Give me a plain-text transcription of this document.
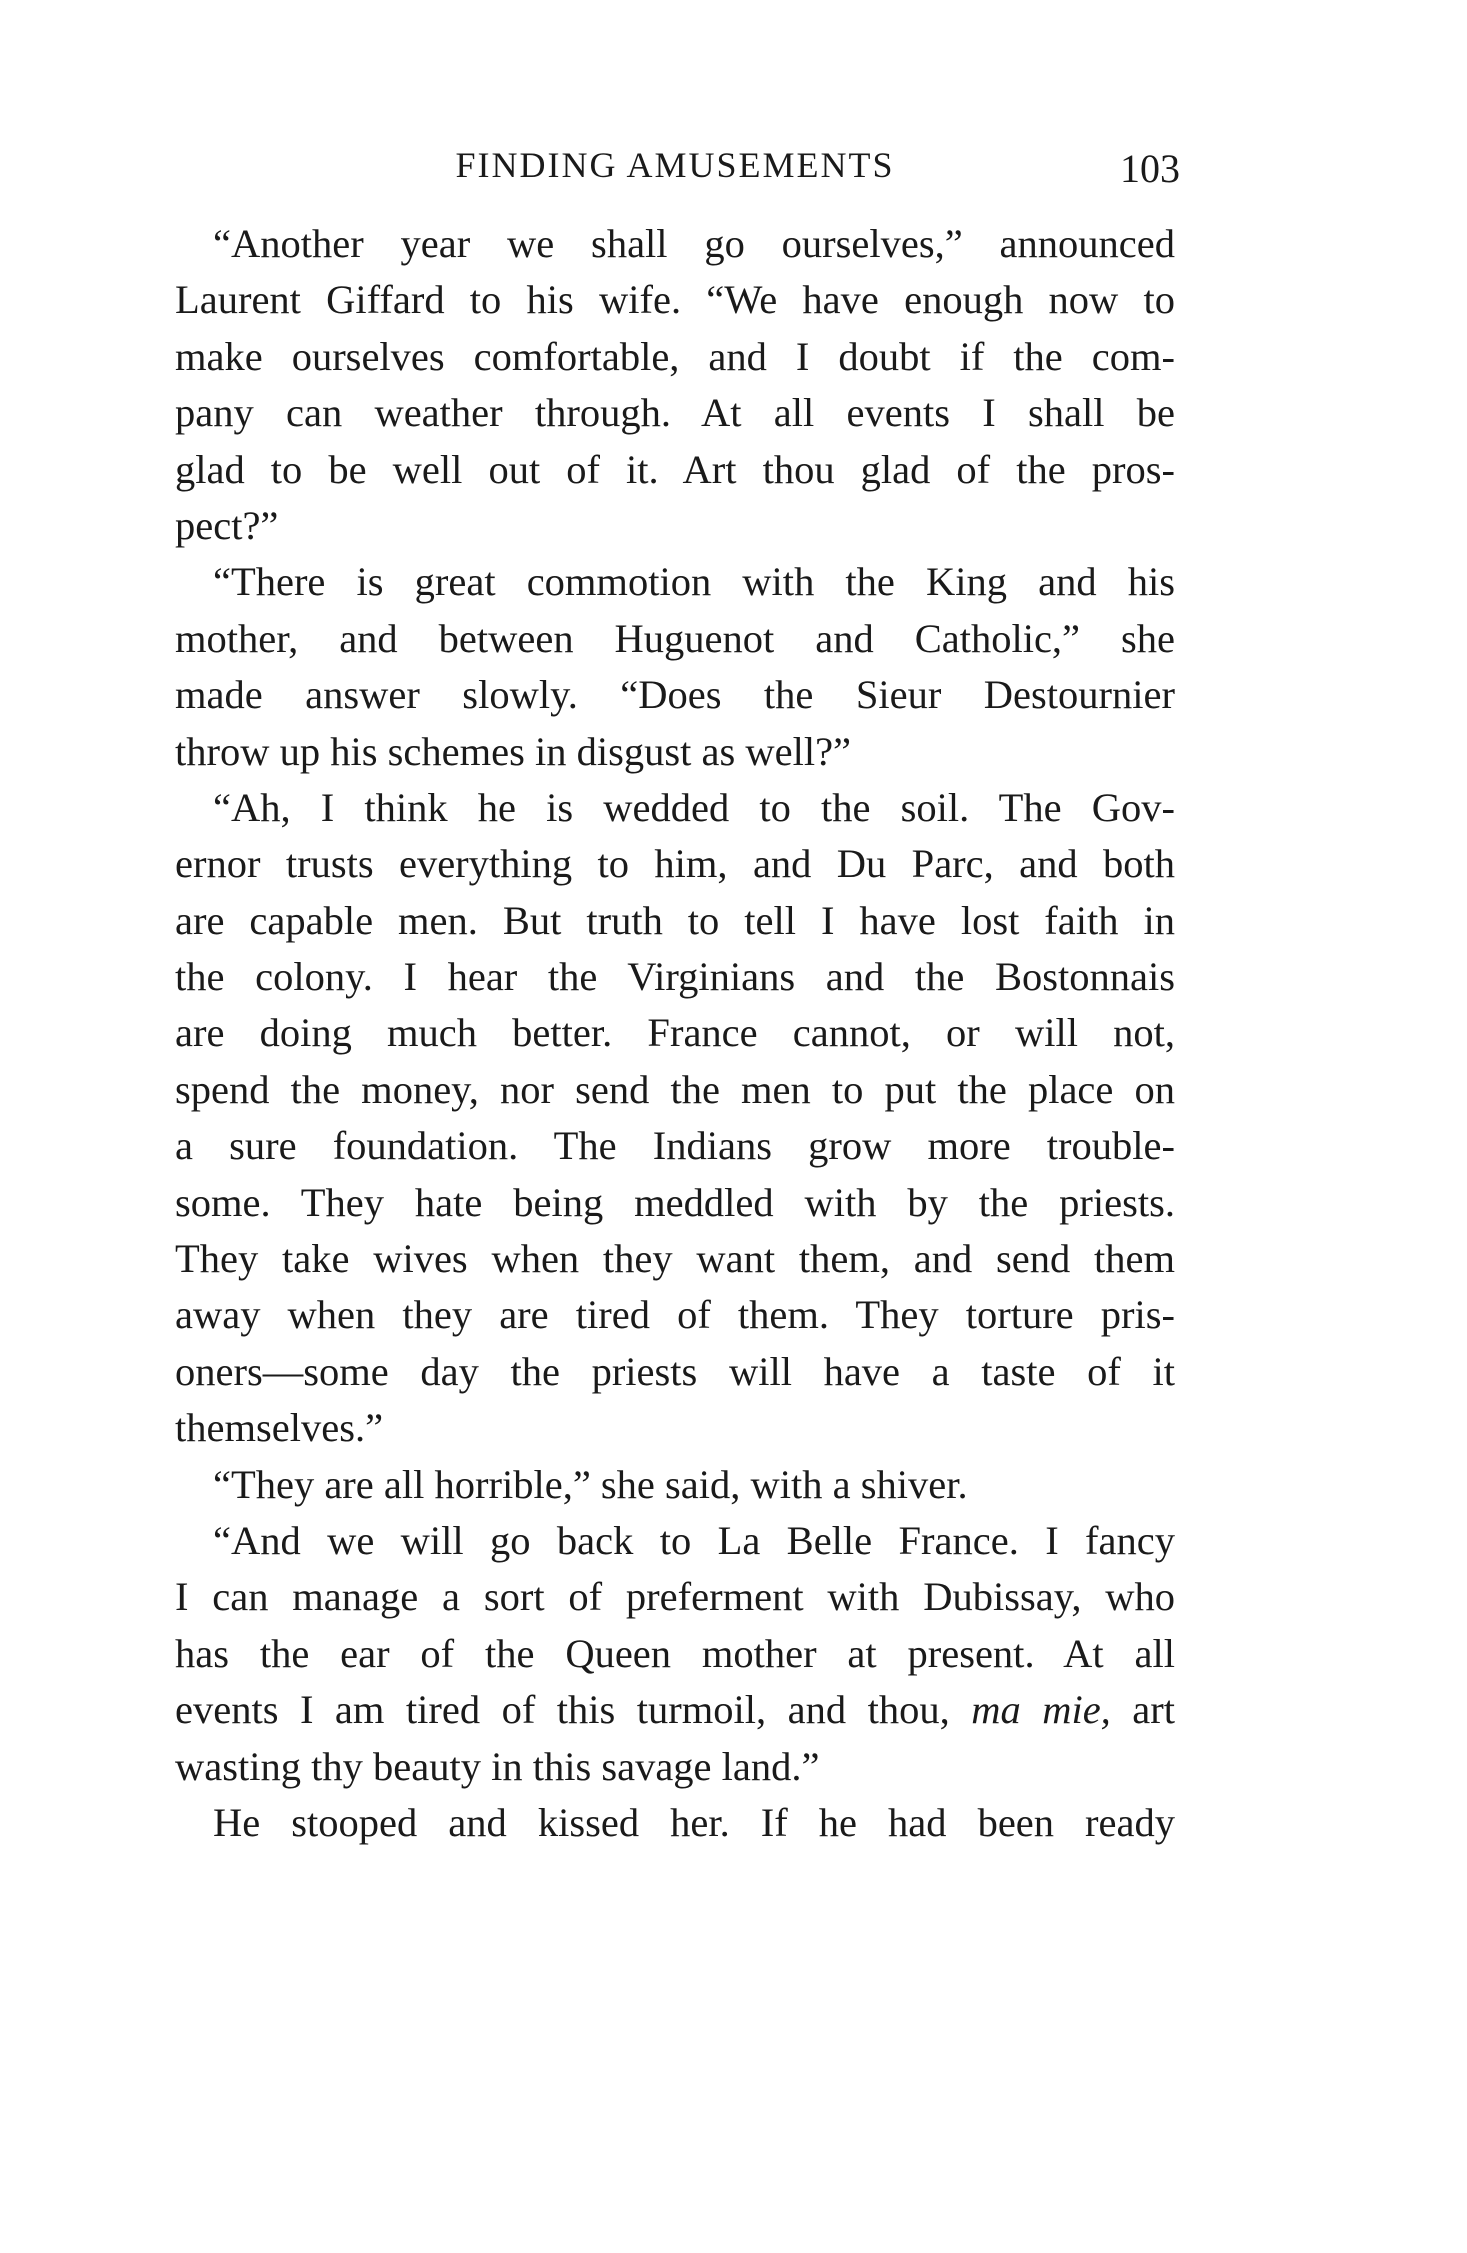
FINDING AMUSEMENTS	103
“Another year we shall go ourselves,” announced
Laurent Giffard to his wife. “We have enough now to
make ourselves comfortable, and I doubt if the com-
pany can weather through. At all events I shall be
glad to be well out of it. Art thou glad of the pros-
pect?”
“There is great commotion with the King and his
mother, and between Huguenot and Catholic,” she
made answer slowly. “Does the Sieur Destournier
throw up his schemes in disgust as well?”
“Ah, I think he is wedded to the soil. The Gov-
ernor trusts everything to him, and Du Parc, and both
are capable men. But truth to tell I have lost faith in
the colony. I hear the Virginians and the Bostonnais
are doing much better. France cannot, or will not,
spend the money, nor send the men to put the place on
a sure foundation. The Indians grow more trouble-
some. They hate being meddled with by the priests.
They take wives when they want them, and send them
away when they are tired of them. They torture pris-
oners—some day the priests will have a taste of it
themselves.”
“They are all horrible,” she said, with a shiver.
“And we will go back to La Belle France. I fancy
I can manage a sort of preferment with Dubissay, who
has the ear of the Queen mother at present. At all
events I am tired of this turmoil, and thou, ma mie, art
wasting thy beauty in this savage land.”
He stooped and kissed her. If he had been ready
